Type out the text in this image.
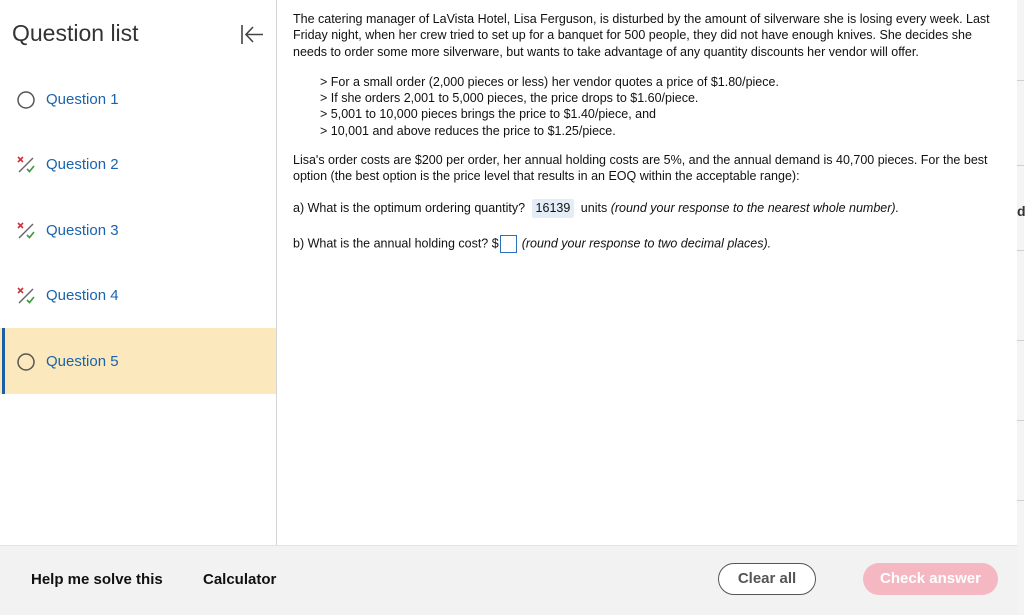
Question list
Question 1
Question 2
Question 3
Question 4
Question 5

The catering manager of LaVista Hotel, Lisa Ferguson, is disturbed by the amount of silverware she is losing every week. Last Friday night, when her crew tried to set up for a banquet for 500 people, they did not have enough knives. She decides she needs to order some more silverware, but wants to take advantage of any quantity discounts her vendor will offer.

> For a small order (2,000 pieces or less) her vendor quotes a price of $1.80/piece.
> If she orders 2,001 to 5,000 pieces, the price drops to $1.60/piece.
> 5,001 to 10,000 pieces brings the price to $1.40/piece, and
> 10,001 and above reduces the price to $1.25/piece.

Lisa's order costs are $200 per order, her annual holding costs are 5%, and the annual demand is 40,700 pieces. For the best option (the best option is the price level that results in an EOQ within the acceptable range):

a) What is the optimum ordering quantity? 16139 units (round your response to the nearest whole number).

b) What is the annual holding cost? $ (round your response to two decimal places).

Help me solve this	Calculator	Clear all	Check answer
d
